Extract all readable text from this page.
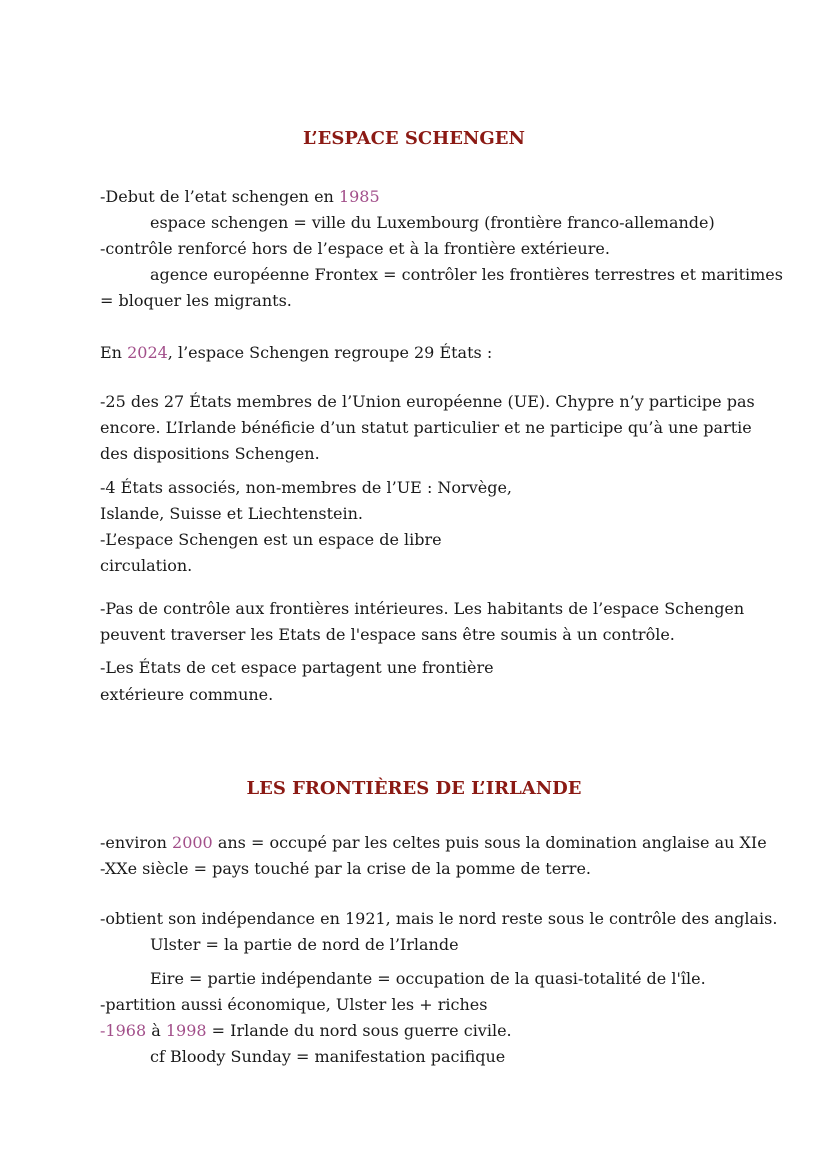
L’ESPACE SCHENGEN
-Debut de l’etat schengen en 1985
espace schengen = ville du Luxembourg (frontière franco-allemande)
-contrôle renforcé hors de l’espace et à la frontière extérieure.
agence européenne Frontex = contrôler les frontières terrestres et maritimes
= bloquer les migrants.
En 2024, l’espace Schengen regroupe 29 États :
-25 des 27 États membres de l’Union européenne (UE). Chypre n’y participe pas
encore. L’Irlande bénéficie d’un statut particulier et ne participe qu’à une partie
des dispositions Schengen.
-4 États associés, non-membres de l’UE : Norvège,
Islande, Suisse et Liechtenstein.
-L’espace Schengen est un espace de libre
circulation.
-Pas de contrôle aux frontières intérieures. Les habitants de l’espace Schengen
peuvent traverser les Etats de l'espace sans être soumis à un contrôle.
-Les États de cet espace partagent une frontière
extérieure commune.
LES FRONTIÈRES DE L’IRLANDE
-environ 2000 ans = occupé par les celtes puis sous la domination anglaise au XIe
-XXe siècle = pays touché par la crise de la pomme de terre.
-obtient son indépendance en 1921, mais le nord reste sous le contrôle des anglais.
Ulster = la partie de nord de l’Irlande
Eire = partie indépendante = occupation de la quasi-totalité de l'île.
-partition aussi économique, Ulster les + riches
-1968 à 1998 = Irlande du nord sous guerre civile.
cf Bloody Sunday = manifestation pacifique
